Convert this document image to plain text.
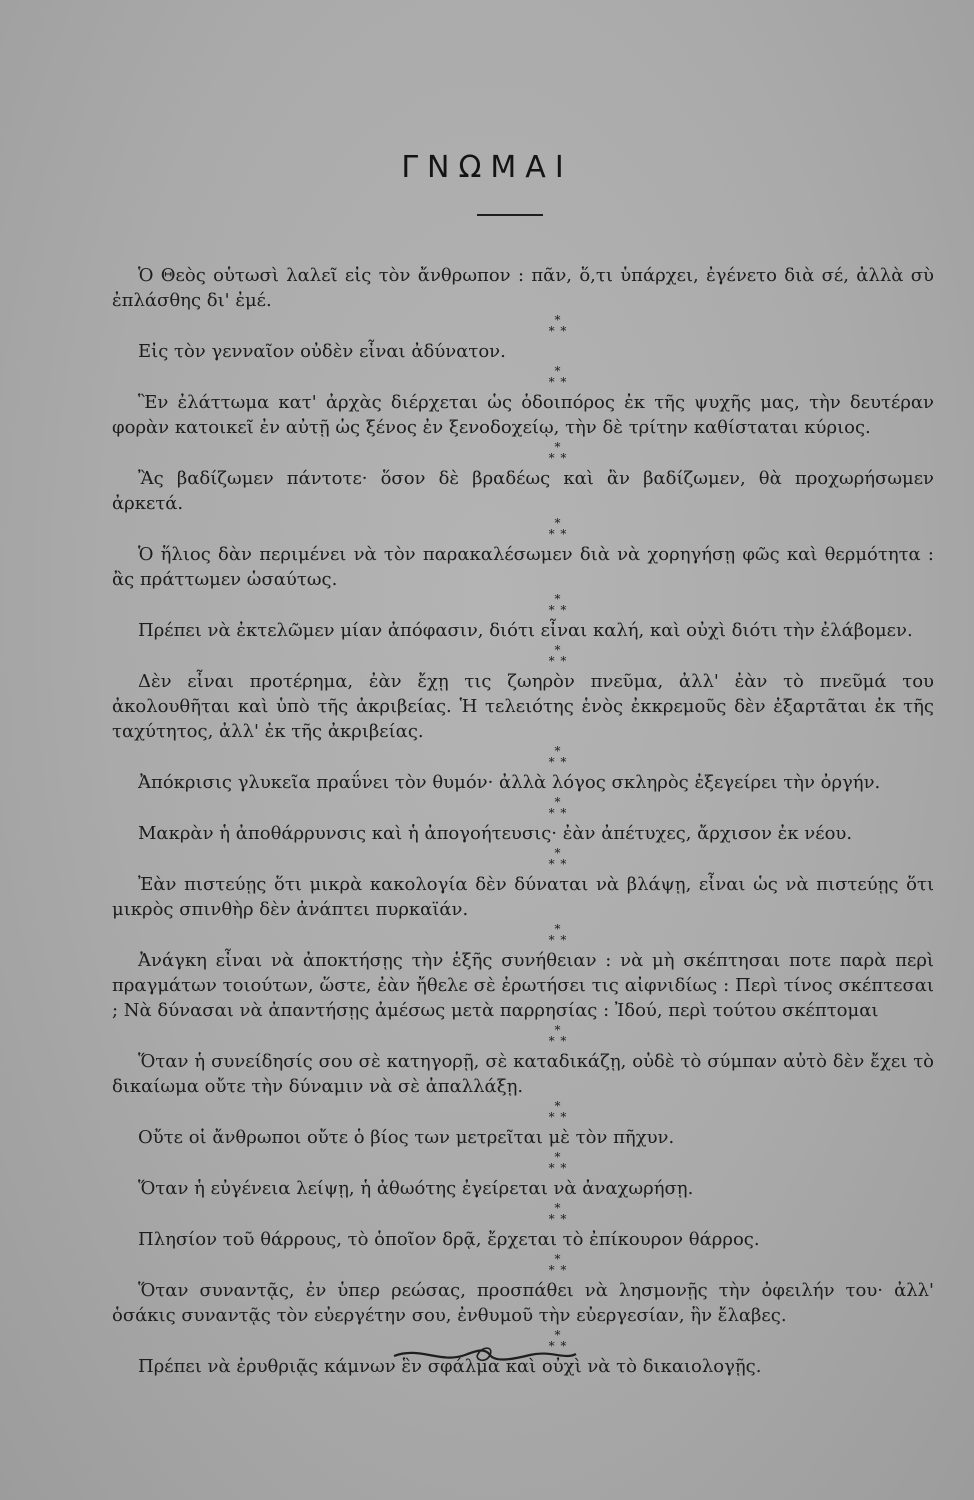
ΓΝΩΜΑΙ

Ὁ Θεὸς οὑτωσὶ λαλεῖ εἰς τὸν ἄνθρωπον : πᾶν, ὅ,τι ὑπάρχει, ἐγένετο διὰ σέ, ἀλλὰ σὺ ἐπλάσθης δι' ἐμέ.

*
* *

Εἰς τὸν γενναῖον οὐδὲν εἶναι ἀδύνατον.

*
* *

Ἓν ἐλάττωμα κατ' ἀρχὰς διέρχεται ὡς ὁδοιπόρος ἐκ τῆς ψυχῆς μας, τὴν δευτέραν φορὰν κατοικεῖ ἐν αὐτῇ ὡς ξένος ἐν ξενοδοχείῳ, τὴν δὲ τρίτην καθίσταται κύριος.

*
* *

Ἂς βαδίζωμεν πάντοτε· ὅσον δὲ βραδέως καὶ ἂν βαδίζωμεν, θὰ προχωρήσωμεν ἀρκετά.

*
* *

Ὁ ἥλιος δὰν περιμένει νὰ τὸν παρακαλέσωμεν διὰ νὰ χορηγήσῃ φῶς καὶ θερμότητα : ἂς πράττωμεν ὡσαύτως.

*
* *

Πρέπει νὰ ἐκτελῶμεν μίαν ἀπόφασιν, διότι εἶναι καλή, καὶ οὐχὶ διότι τὴν ἐλάβομεν.

*
* *

Δὲν εἶναι προτέρημα, ἐὰν ἔχῃ τις ζωηρὸν πνεῦμα, ἀλλ' ἐὰν τὸ πνεῦμά του ἀκολουθῆται καὶ ὑπὸ τῆς ἀκριβείας. Ἡ τελειότης ἑνὸς ἐκκρεμοῦς δὲν ἐξαρτᾶται ἐκ τῆς ταχύτητος, ἀλλ' ἐκ τῆς ἀκριβείας.

*
* *

Ἀπόκρισις γλυκεῖα πραΰνει τὸν θυμόν· ἀλλὰ λόγος σκληρὸς ἐξεγείρει τὴν ὀργήν.

*
* *

Μακρὰν ἡ ἀποθάρρυνσις καὶ ἡ ἀπογοήτευσις· ἐὰν ἀπέτυχες, ἄρχισον ἐκ νέου.

*
* *

Ἐὰν πιστεύῃς ὅτι μικρὰ κακολογία δὲν δύναται νὰ βλάψῃ, εἶναι ὡς νὰ πιστεύῃς ὅτι μικρὸς σπινθὴρ δὲν ἀνάπτει πυρκαϊάν.

*
* *

Ἀνάγκη εἶναι νὰ ἀποκτήσῃς τὴν ἑξῆς συνήθειαν : νὰ μὴ σκέπτησαι ποτε παρὰ περὶ πραγμάτων τοιούτων, ὥστε, ἐὰν ἤθελε σὲ ἐρωτήσει τις αἰφνιδίως : Περὶ τίνος σκέπτεσαι ; Νὰ δύνασαι νὰ ἀπαντήσῃς ἀμέσως μετὰ παρρησίας : Ἰδού, περὶ τούτου σκέπτομαι

*
* *

Ὅταν ἡ συνείδησίς σου σὲ κατηγορῇ, σὲ καταδικάζῃ, οὐδὲ τὸ σύμπαν αὐτὸ δὲν ἔχει τὸ δικαίωμα οὔτε τὴν δύναμιν νὰ σὲ ἀπαλλάξῃ.

*
* *

Οὔτε οἱ ἄνθρωποι οὔτε ὁ βίος των μετρεῖται μὲ τὸν πῆχυν.

*
* *

Ὅταν ἡ εὐγένεια λείψῃ, ἡ ἀθωότης ἐγείρεται νὰ ἀναχωρήσῃ.

*
* *

Πλησίον τοῦ θάρρους, τὸ ὁποῖον δρᾷ, ἔρχεται τὸ ἐπίκουρον θάρρος.

*
* *

Ὅταν συναντᾷς, ἐν ὑπερ ρεώσας, προσπάθει νὰ λησμονῇς τὴν ὀφειλήν του· ἀλλ' ὁσάκις συναντᾷς τὸν εὐεργέτην σου, ἐνθυμοῦ τὴν εὐεργεσίαν, ἣν ἔλαβες.

*
* *

Πρέπει νὰ ἐρυθριᾷς κάμνων ἓν σφάλμα καὶ οὐχὶ νὰ τὸ δικαιολογῇς.
